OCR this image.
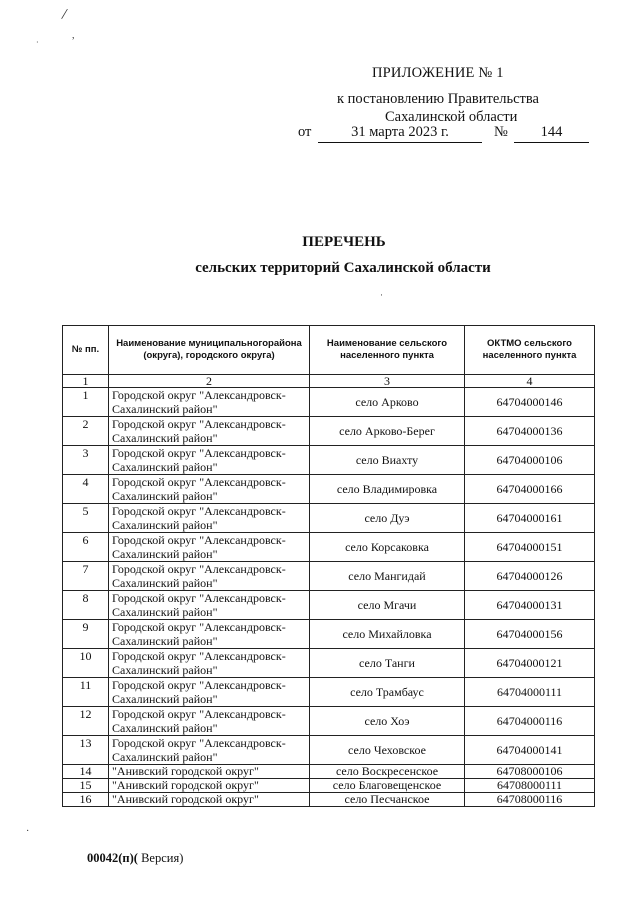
/
,
·
·
·
ПРИЛОЖЕНИЕ № 1
к постановлению Правительства
Сахалинской области
от	31 марта 2023 г.	№	144
ПЕРЕЧЕНЬ
сельских территорий Сахалинской области
№ пп.	Наименование муниципальногорайона (округа), городского округа)	Наименование сельского населенного пункта	ОКТМО сельского населенного пункта
1	2	3	4
1	Городской округ "Александровск-Сахалинский район"	село Арково	64704000146
2	Городской округ "Александровск-Сахалинский район"	село Арково-Берег	64704000136
3	Городской округ "Александровск-Сахалинский район"	село Виахту	64704000106
4	Городской округ "Александровск-Сахалинский район"	село Владимировка	64704000166
5	Городской округ "Александровск-Сахалинский район"	село Дуэ	64704000161
6	Городской округ "Александровск-Сахалинский район"	село Корсаковка	64704000151
7	Городской округ "Александровск-Сахалинский район"	село Мангидай	64704000126
8	Городской округ "Александровск-Сахалинский район"	село Мгачи	64704000131
9	Городской округ "Александровск-Сахалинский район"	село Михайловка	64704000156
10	Городской округ "Александровск-Сахалинский район"	село Танги	64704000121
11	Городской округ "Александровск-Сахалинский район"	село Трамбаус	64704000111
12	Городской округ "Александровск-Сахалинский район"	село Хоэ	64704000116
13	Городской округ "Александровск-Сахалинский район"	село Чеховское	64704000141
14	"Анивский городской округ"	село Воскресенское	64708000106
15	"Анивский городской округ"	село Благовещенское	64708000111
16	"Анивский городской округ"	село Песчанское	64708000116
00042(п)( Версия)
